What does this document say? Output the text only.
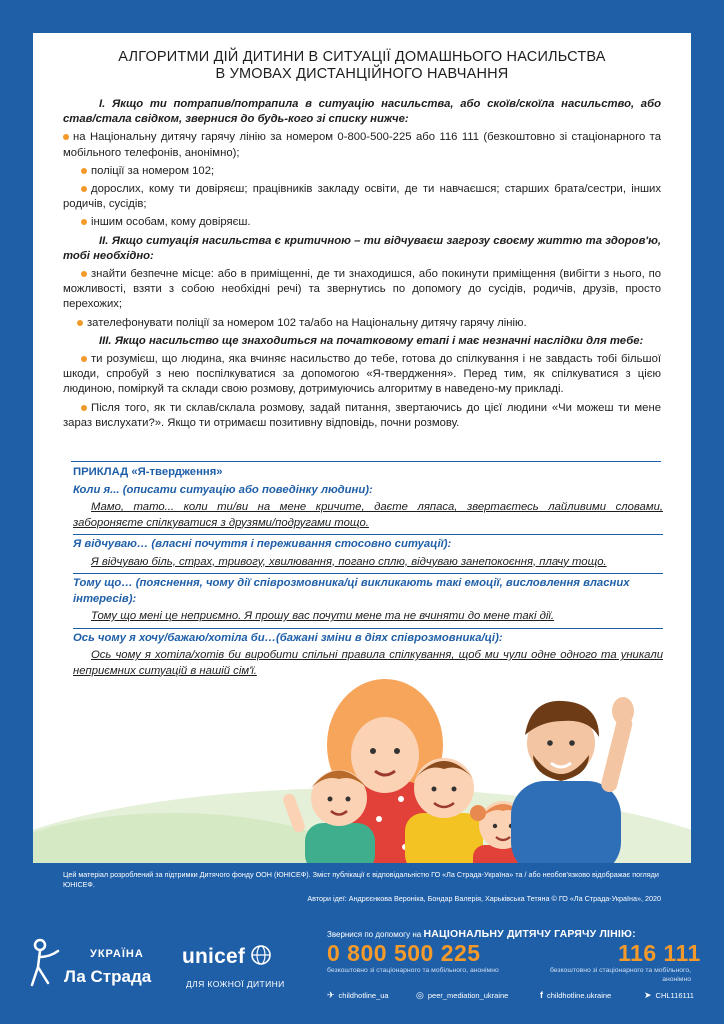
АЛГОРИТМИ ДІЙ ДИТИНИ В СИТУАЦІЇ ДОМАШНЬОГО НАСИЛЬСТВА
В УМОВАХ ДИСТАНЦІЙНОГО НАВЧАННЯ

І. Якщо ти потрапив/потрапила в ситуацію насильства, або скоїв/скоїла насильство, або став/стала свідком, звернися до будь-кого зі списку нижче:

на Національну дитячу гарячу лінію за номером 0-800-500-225 або 116 111 (безкоштовно зі стаціонарного та мобільного телефонів, анонімно);

поліції за номером 102;

дорослих, кому ти довіряєш; працівників закладу освіти, де ти навчаєшся; старших брата/сестри, інших родичів, сусідів;

іншим особам, кому довіряєш.

ІІ. Якщо ситуація насильства є критичною – ти відчуваєш загрозу своєму життю та здоров'ю, тобі необхідно:

знайти безпечне місце: або в приміщенні, де ти знаходишся, або покинути приміщення (вибігти з нього, по можливості, взяти з собою необхідні речі) та звернутись по допомогу до сусідів, родичів, друзів, просто перехожих;

зателефонувати поліції за номером 102 та/або на Національну дитячу гарячу лінію.

ІІІ. Якщо насильство ще знаходиться на початковому етапі і має незначні наслідки для тебе:

ти розумієш, що людина, яка вчиняє насильство до тебе, готова до спілкування і не завдасть тобі більшої шкоди, спробуй з нею поспілкуватися за допомогою «Я-твердження». Перед тим, як спілкуватися з цією людиною, поміркуй та склади свою розмову, дотримуючись алгоритму в наведено-му прикладі.

Після того, як ти склав/склала розмову, задай питання, звертаючись до цієї людини «Чи можеш ти мене зараз вислухати?». Якщо ти отримаєш позитивну відповідь, почни розмову.

ПРИКЛАД «Я-твердження»
Коли я... (описати ситуацію або поведінку людини):
Мамо, тато... коли ти/ви на мене кричите, даєте ляпаса, звертаєтесь лайливими словами, забороняєте спілкуватися з друзями/подругами тощо.
Я відчуваю… (власні почуття і переживання стосовно ситуації):
Я відчуваю біль, страх, тривогу, хвилювання, погано сплю, відчуваю занепокоєння, плачу тощо.
Тому що… (пояснення, чому дії співрозмовника/ці викликають такі емоції, висловлення власних інтересів):
Тому що мені це неприємно. Я прошу вас почути мене та не вчиняти до мене такі дії.
Ось чому я хочу/бажаю/хотіла би…(бажані зміни в діях співрозмовника/ці):
Ось чому я хотіла/хотів би виробити спільні правила спілкування, щоб ми чули одне одного та уникали неприємних ситуацій в нашій сім'ї.
Цей матеріал розроблений за підтримки Дитячого фонду ООН (ЮНІСЕФ). Зміст публікації є відповідальністю ГО «Ла Страда-Україна» та / або необов'язково відображає погляди ЮНІСЕФ.
Автори ідеї: Андрєєнкова Вероніка, Бондар Валерія, Харьківська Тетяна © ГО «Ла Страда-Україна», 2020
УКРАЇНА
Ла Страда
unicef
ДЛЯ КОЖНОЇ ДИТИНИ
Звернися по допомогу на НАЦІОНАЛЬНУ ДИТЯЧУ ГАРЯЧУ ЛІНІЮ:
0 800 500 225	116 111
безкоштовно зі стаціонарного та мобільного, анонімно	безкоштовно зі стаціонарного та мобільного, анонімно
✈ childhotline_ua	◎ peer_mediation_ukraine	f childhotline.ukraine	➤ CHL116111
